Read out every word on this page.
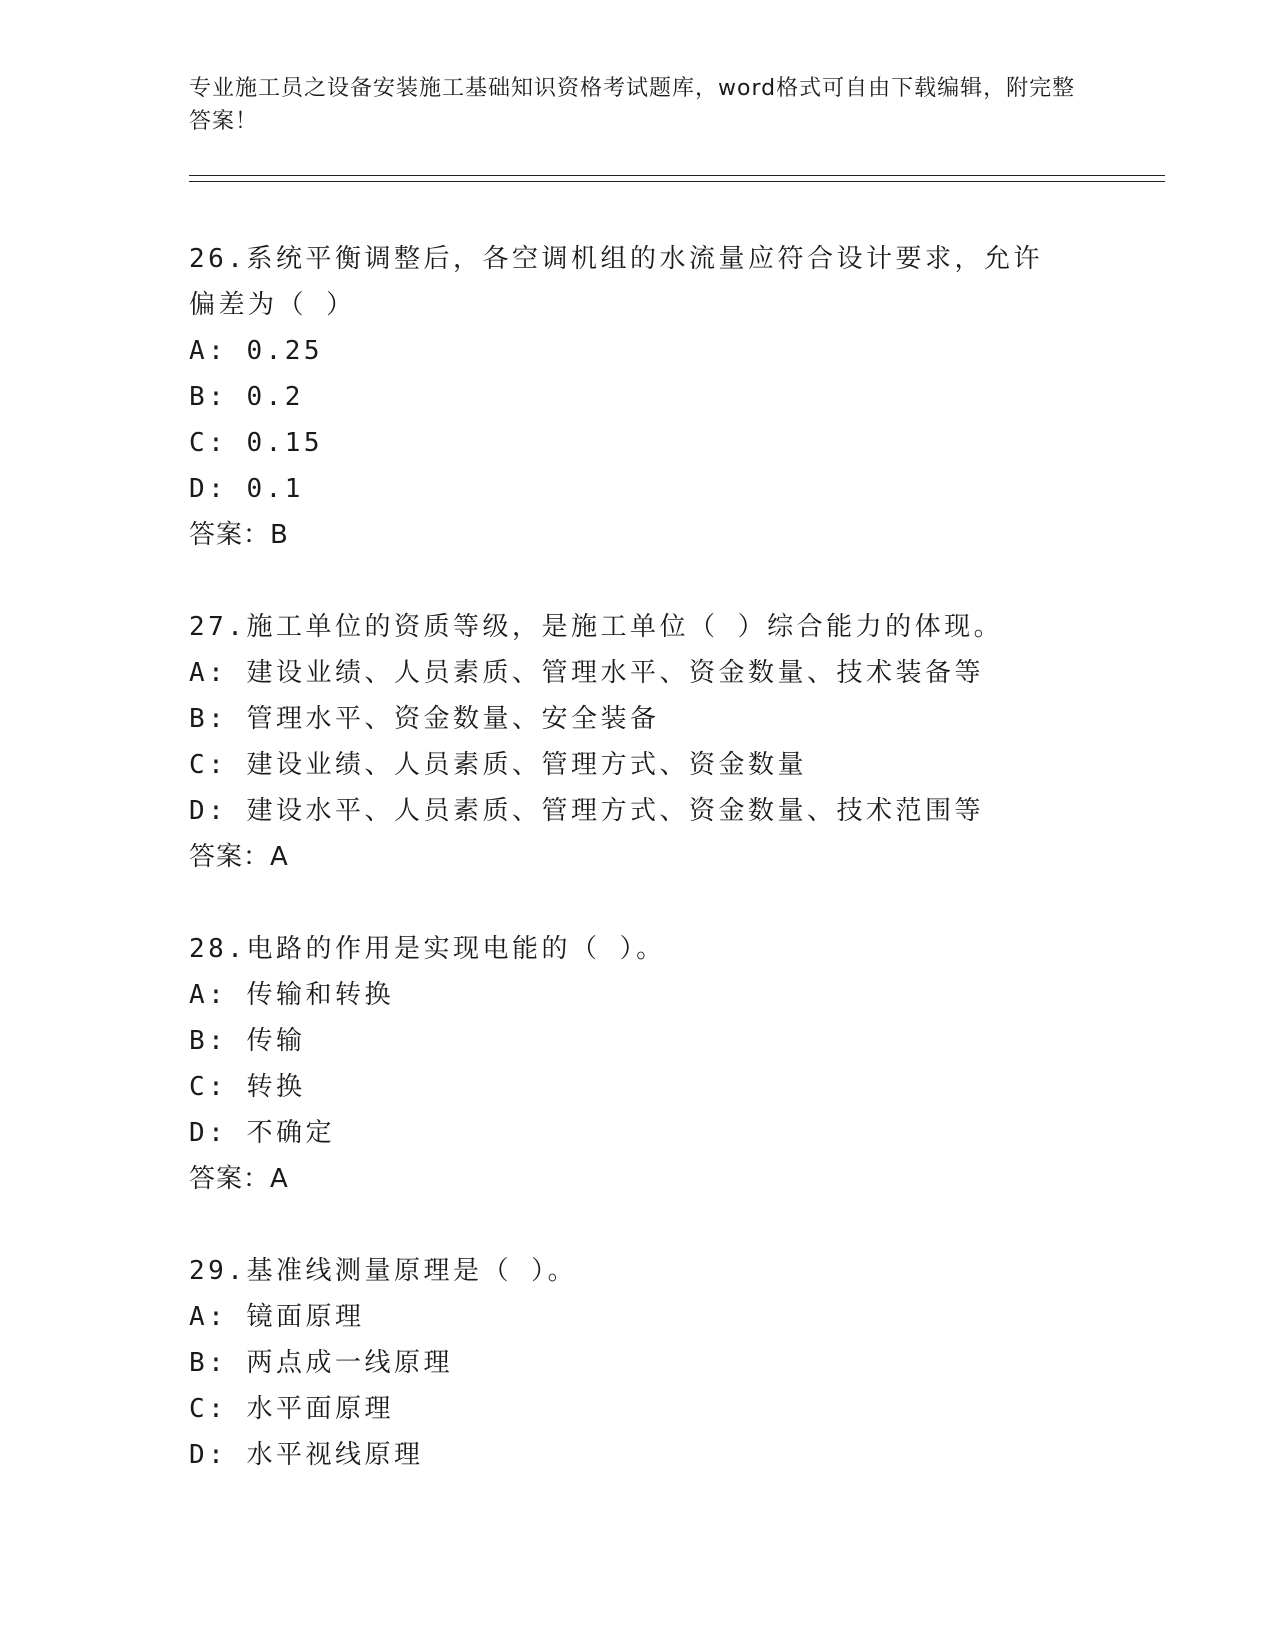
专业施工员之设备安装施工基础知识资格考试题库，word格式可自由下载编辑，附完整答案！
26.系统平衡调整后，各空调机组的水流量应符合设计要求，允许偏差为（ ）
A: 0.25
B: 0.2
C: 0.15
D: 0.1
答案：B
27.施工单位的资质等级，是施工单位（ ）综合能力的体现。
A: 建设业绩、人员素质、管理水平、资金数量、技术装备等
B: 管理水平、资金数量、安全装备
C: 建设业绩、人员素质、管理方式、资金数量
D: 建设水平、人员素质、管理方式、资金数量、技术范围等
答案：A
28.电路的作用是实现电能的（ ）。
A: 传输和转换
B: 传输
C: 转换
D: 不确定
答案：A
29.基准线测量原理是（ ）。
A: 镜面原理
B: 两点成一线原理
C: 水平面原理
D: 水平视线原理
